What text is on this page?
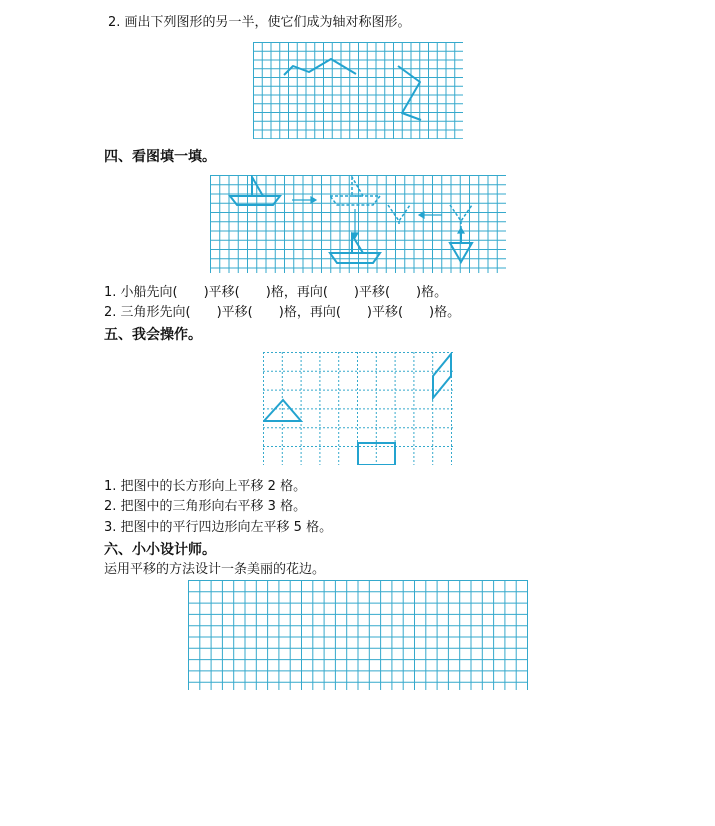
2. 画出下列图形的另一半，使它们成为轴对称图形。
四、看图填一填。
1. 小船先向(　　)平移(　　)格，再向(　　)平移(　　)格。
2. 三角形先向(　　)平移(　　)格，再向(　　)平移(　　)格。
五、我会操作。
1. 把图中的长方形向上平移 2 格。
2. 把图中的三角形向右平移 3 格。
3. 把图中的平行四边形向左平移 5 格。
六、小小设计师。
运用平移的方法设计一条美丽的花边。
